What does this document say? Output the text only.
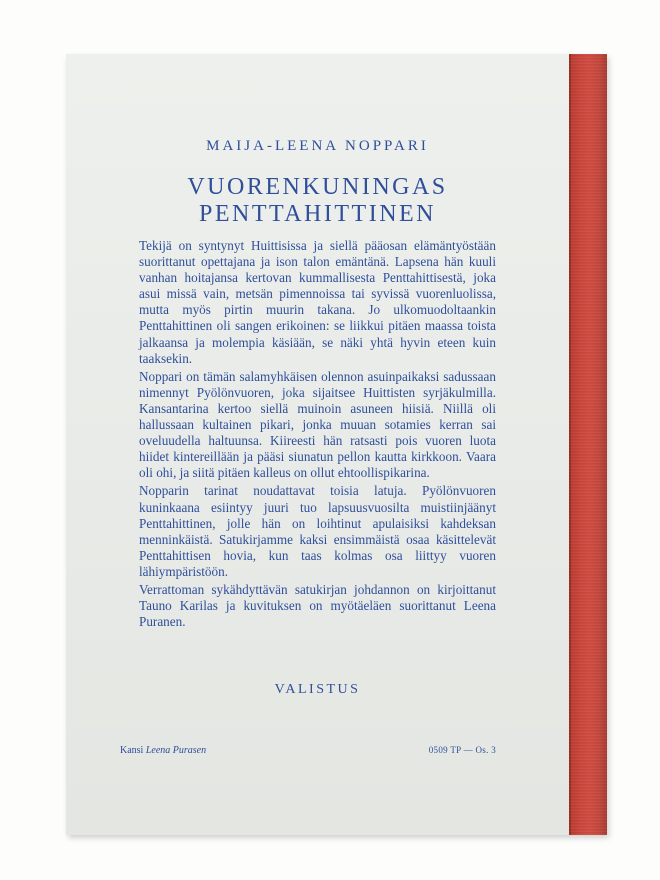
MAIJA-LEENA NOPPARI
VUORENKUNINGAS
PENTTAHITTINEN

Tekijä on syntynyt Huittisissa ja siellä pääosan elämäntyöstään suorittanut opettajana ja ison talon emäntänä. Lapsena hän kuuli vanhan hoitajansa kertovan kummallisesta Penttahittisestä, joka asui missä vain, metsän pimennoissa tai syvissä vuorenluolissa, mutta myös pirtin muurin takana. Jo ulkomuodoltaankin Penttahittinen oli sangen erikoinen: se liikkui pitäen maassa toista jalkaansa ja molempia käsiään, se näki yhtä hyvin eteen kuin taaksekin.

Noppari on tämän salamyhkäisen olennon asuinpaikaksi sadussaan nimennyt Pyölönvuoren, joka sijaitsee Huittisten syrjäkulmilla. Kansantarina kertoo siellä muinoin asuneen hiisiä. Niillä oli hallussaan kultainen pikari, jonka muuan sotamies kerran sai oveluudella haltuunsa. Kiireesti hän ratsasti pois vuoren luota hiidet kintereillään ja pääsi siunatun pellon kautta kirkkoon. Vaara oli ohi, ja siitä pitäen kalleus on ollut ehtoollispikarina.

Nopparin tarinat noudattavat toisia latuja. Pyölönvuoren kuninkaana esiintyy juuri tuo lapsuusvuosilta muistiinjäänyt Penttahittinen, jolle hän on loihtinut apulaisiksi kahdeksan menninkäistä. Satukirjamme kaksi ensimmäistä osaa käsittelevät Penttahittisen hovia, kun taas kolmas osa liittyy vuoren lähiympäristöön.

Verrattoman sykähdyttävän satukirjan johdannon on kirjoittanut Tauno Karilas ja kuvituksen on myötäeläen suorittanut Leena Puranen.

VALISTUS
Kansi Leena Purasen	0509 TP — Os. 3
